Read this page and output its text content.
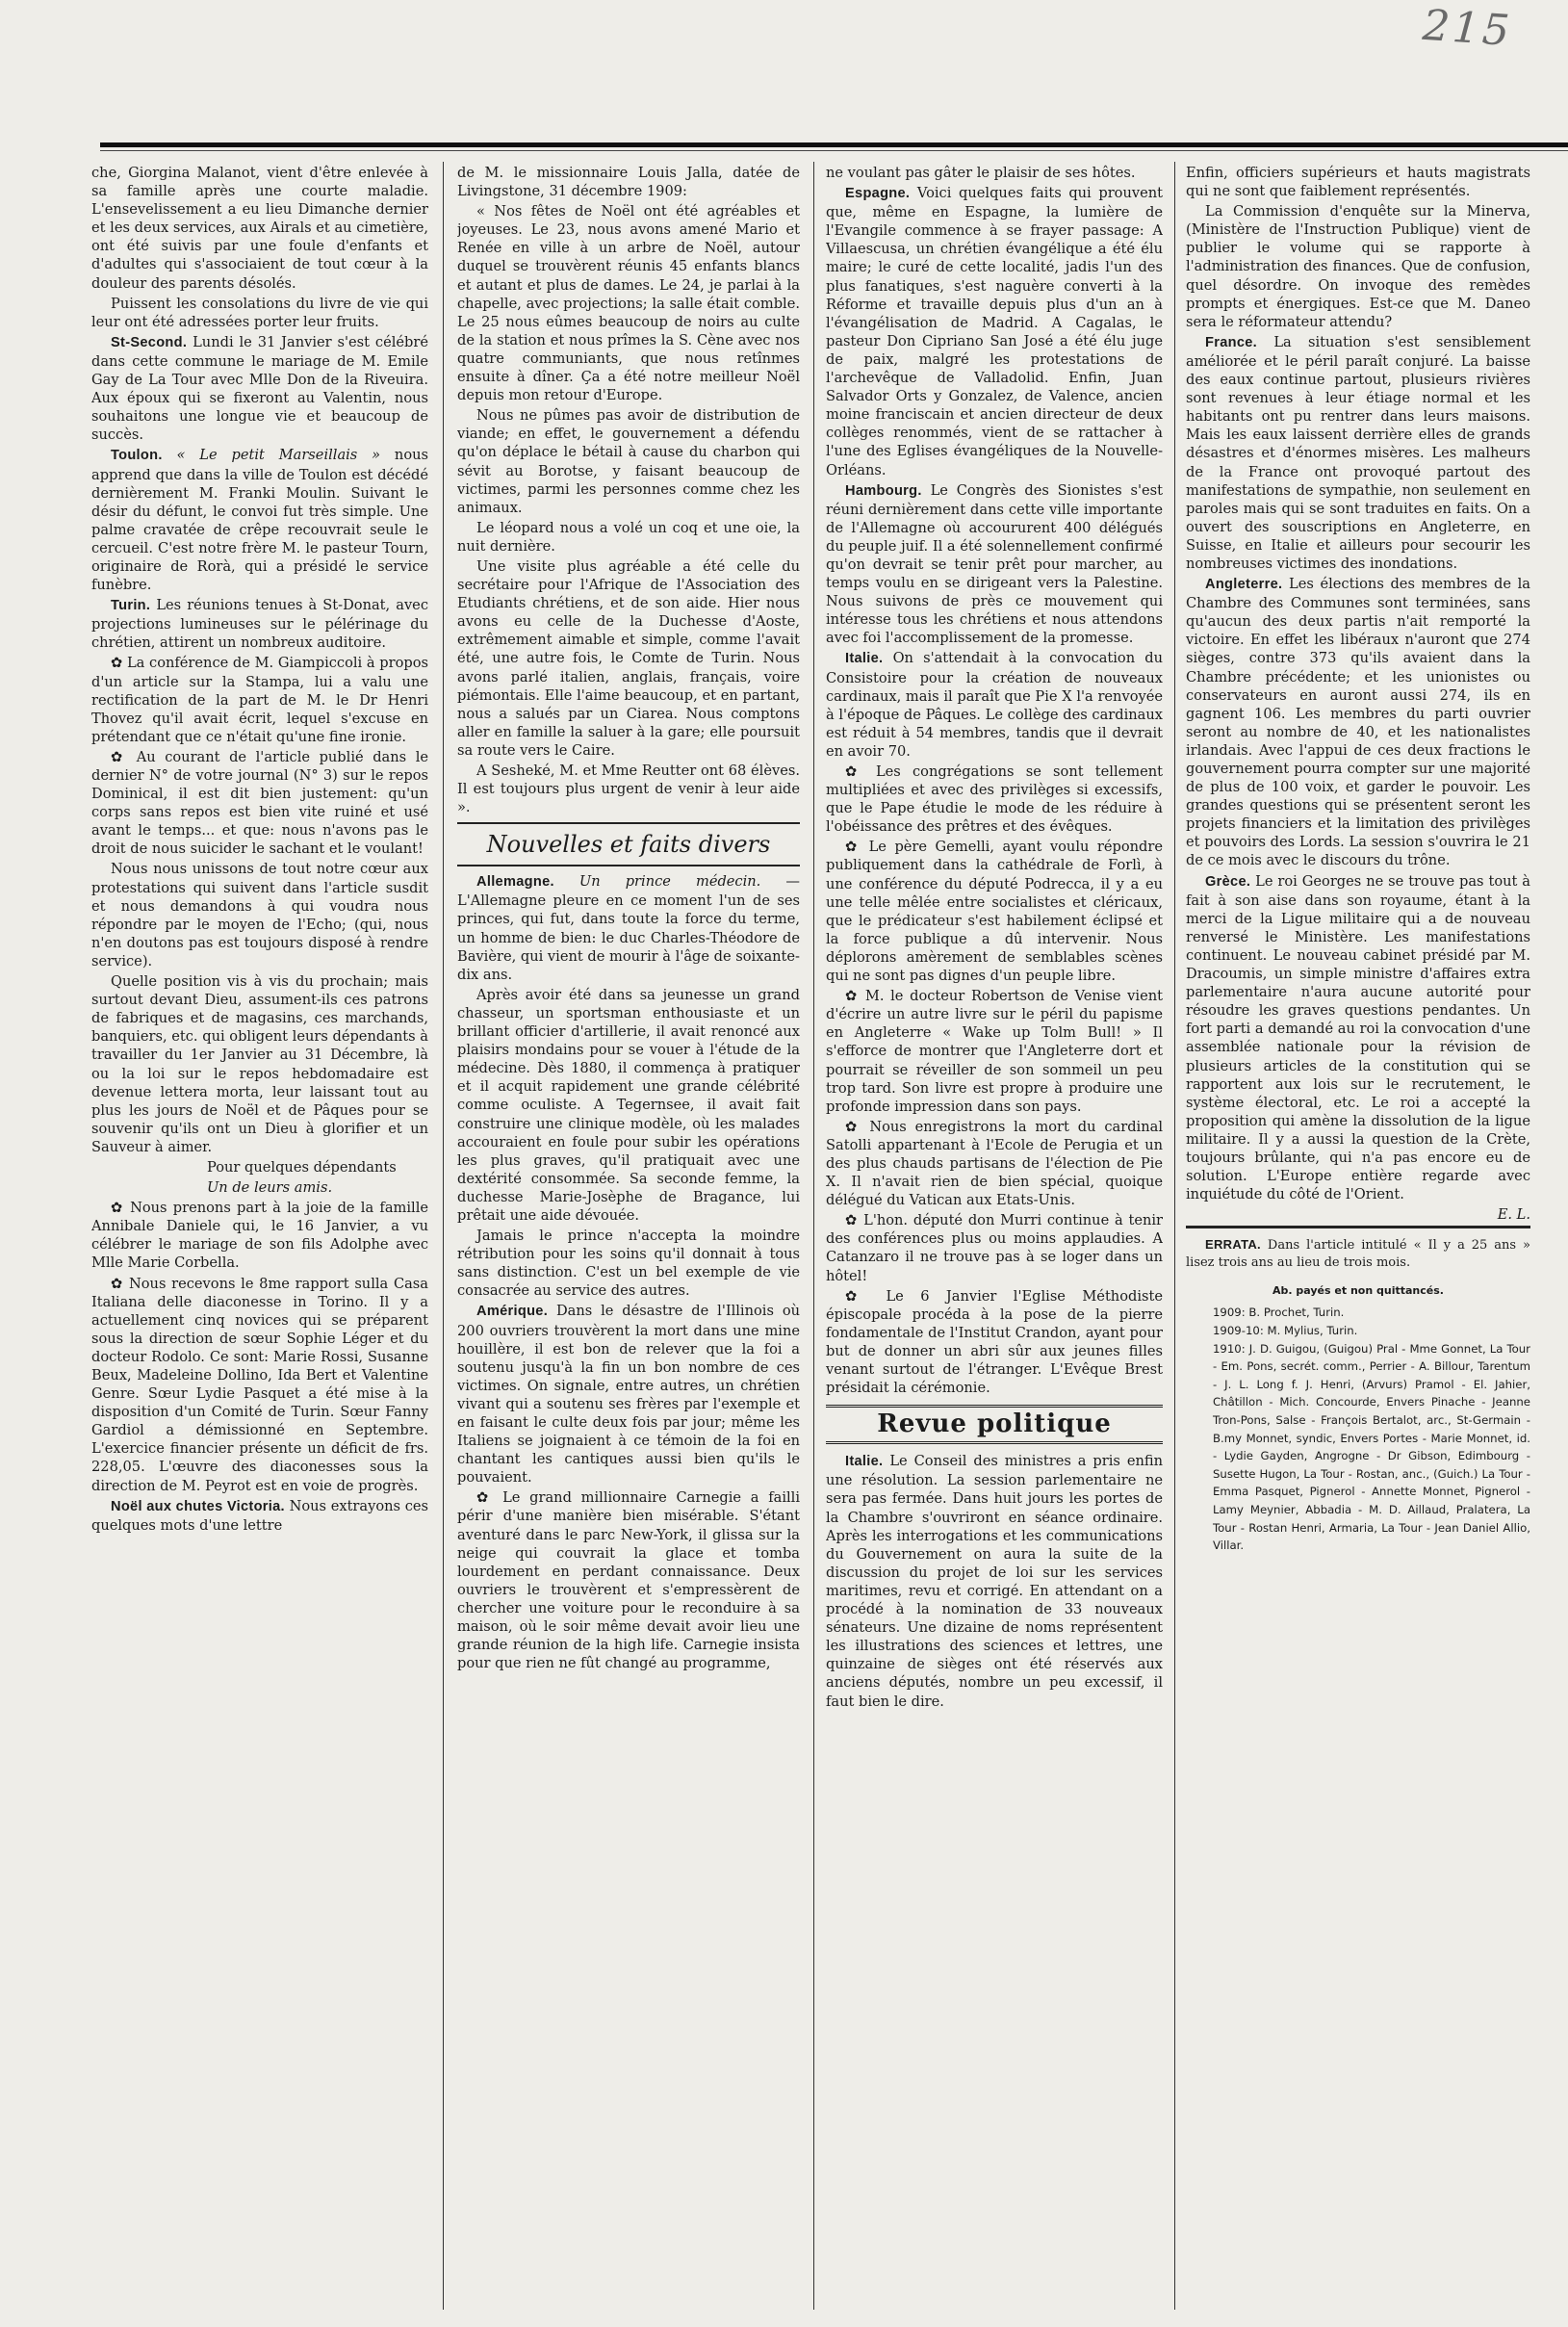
215

che, Giorgina Malanot, vient d'être enlevée à sa famille après une courte maladie. L'ensevelissement a eu lieu Dimanche dernier et les deux services, aux Airals et au cimetière, ont été suivis par une foule d'enfants et d'adultes qui s'associaient de tout cœur à la douleur des parents désolés.

Puissent les consolations du livre de vie qui leur ont été adressées porter leur fruits.

St-Second. Lundi le 31 Janvier s'est célébré dans cette commune le mariage de M. Emile Gay de La Tour avec Mlle Don de la Riveuira. Aux époux qui se fixeront au Valentin, nous souhaitons une longue vie et beaucoup de succès.

Toulon. « Le petit Marseillais » nous apprend que dans la ville de Toulon est décédé dernièrement M. Franki Moulin. Suivant le désir du défunt, le convoi fut très simple. Une palme cravatée de crêpe recouvrait seule le cercueil. C'est notre frère M. le pasteur Tourn, originaire de Rorà, qui a présidé le service funèbre.

Turin. Les réunions tenues à St-Donat, avec projections lumineuses sur le pélérinage du chrétien, attirent un nombreux auditoire.

✿ La conférence de M. Giampiccoli à propos d'un article sur la Stampa, lui a valu une rectification de la part de M. le Dr Henri Thovez qu'il avait écrit, lequel s'excuse en prétendant que ce n'était qu'une fine ironie.

✿ Au courant de l'article publié dans le dernier N° de votre journal (N° 3) sur le repos Dominical, il est dit bien justement: qu'un corps sans repos est bien vite ruiné et usé avant le temps... et que: nous n'avons pas le droit de nous suicider le sachant et le voulant!

Nous nous unissons de tout notre cœur aux protestations qui suivent dans l'article susdit et nous demandons à qui voudra nous répondre par le moyen de l'Echo; (qui, nous n'en doutons pas est toujours disposé à rendre service).

Quelle position vis à vis du prochain; mais surtout devant Dieu, assument-ils ces patrons de fabriques et de magasins, ces marchands, banquiers, etc. qui obligent leurs dépendants à travailler du 1er Janvier au 31 Décembre, là ou la loi sur le repos hebdomadaire est devenue lettera morta, leur laissant tout au plus les jours de Noël et de Pâques pour se souvenir qu'ils ont un Dieu à glorifier et un Sauveur à aimer.

Pour quelques dépendants

Un de leurs amis.

✿ Nous prenons part à la joie de la famille Annibale Daniele qui, le 16 Janvier, a vu célébrer le mariage de son fils Adolphe avec Mlle Marie Corbella.

✿ Nous recevons le 8me rapport sulla Casa Italiana delle diaconesse in Torino. Il y a actuellement cinq novices qui se préparent sous la direction de sœur Sophie Léger et du docteur Rodolo. Ce sont: Marie Rossi, Susanne Beux, Madeleine Dollino, Ida Bert et Valentine Genre. Sœur Lydie Pasquet a été mise à la disposition d'un Comité de Turin. Sœur Fanny Gardiol a démissionné en Septembre. L'exercice financier présente un déficit de frs. 228,05. L'œuvre des diaconesses sous la direction de M. Peyrot est en voie de progrès.

Noël aux chutes Victoria. Nous extrayons ces quelques mots d'une lettre

de M. le missionnaire Louis Jalla, datée de Livingstone, 31 décembre 1909:

« Nos fêtes de Noël ont été agréables et joyeuses. Le 23, nous avons amené Mario et Renée en ville à un arbre de Noël, autour duquel se trouvèrent réunis 45 enfants blancs et autant et plus de dames. Le 24, je parlai à la chapelle, avec projections; la salle était comble. Le 25 nous eûmes beaucoup de noirs au culte de la station et nous prîmes la S. Cène avec nos quatre communiants, que nous retînmes ensuite à dîner. Ça a été notre meilleur Noël depuis mon retour d'Europe.

Nous ne pûmes pas avoir de distribution de viande; en effet, le gouvernement a défendu qu'on déplace le bétail à cause du charbon qui sévit au Borotse, y faisant beaucoup de victimes, parmi les personnes comme chez les animaux.

Le léopard nous a volé un coq et une oie, la nuit dernière.

Une visite plus agréable a été celle du secrétaire pour l'Afrique de l'Association des Etudiants chrétiens, et de son aide. Hier nous avons eu celle de la Duchesse d'Aoste, extrêmement aimable et simple, comme l'avait été, une autre fois, le Comte de Turin. Nous avons parlé italien, anglais, français, voire piémontais. Elle l'aime beaucoup, et en partant, nous a salués par un Ciarea. Nous comptons aller en famille la saluer à la gare; elle poursuit sa route vers le Caire.

A Sesheké, M. et Mme Reutter ont 68 élèves. Il est toujours plus urgent de venir à leur aide ».

Nouvelles et faits divers

Allemagne. Un prince médecin. — L'Allemagne pleure en ce moment l'un de ses princes, qui fut, dans toute la force du terme, un homme de bien: le duc Charles-Théodore de Bavière, qui vient de mourir à l'âge de soixante-dix ans.

Après avoir été dans sa jeunesse un grand chasseur, un sportsman enthousiaste et un brillant officier d'artillerie, il avait renoncé aux plaisirs mondains pour se vouer à l'étude de la médecine. Dès 1880, il commença à pratiquer et il acquit rapidement une grande célébrité comme oculiste. A Tegernsee, il avait fait construire une clinique modèle, où les malades accouraient en foule pour subir les opérations les plus graves, qu'il pratiquait avec une dextérité consommée. Sa seconde femme, la duchesse Marie-Josèphe de Bragance, lui prêtait une aide dévouée.

Jamais le prince n'accepta la moindre rétribution pour les soins qu'il donnait à tous sans distinction. C'est un bel exemple de vie consacrée au service des autres.

Amérique. Dans le désastre de l'Illinois où 200 ouvriers trouvèrent la mort dans une mine houillère, il est bon de relever que la foi a soutenu jusqu'à la fin un bon nombre de ces victimes. On signale, entre autres, un chrétien vivant qui a soutenu ses frères par l'exemple et en faisant le culte deux fois par jour; même les Italiens se joignaient à ce témoin de la foi en chantant les cantiques aussi bien qu'ils le pouvaient.

✿ Le grand millionnaire Carnegie a failli périr d'une manière bien misérable. S'étant aventuré dans le parc New-York, il glissa sur la neige qui couvrait la glace et tomba lourdement en perdant connaissance. Deux ouvriers le trouvèrent et s'empressèrent de chercher une voiture pour le reconduire à sa maison, où le soir même devait avoir lieu une grande réunion de la high life. Carnegie insista pour que rien ne fût changé au programme,

ne voulant pas gâter le plaisir de ses hôtes.

Espagne. Voici quelques faits qui prouvent que, même en Espagne, la lumière de l'Evangile commence à se frayer passage: A Villaescusa, un chrétien évangélique a été élu maire; le curé de cette localité, jadis l'un des plus fanatiques, s'est naguère converti à la Réforme et travaille depuis plus d'un an à l'évangélisation de Madrid. A Cagalas, le pasteur Don Cipriano San José a été élu juge de paix, malgré les protestations de l'archevêque de Valladolid. Enfin, Juan Salvador Orts y Gonzalez, de Valence, ancien moine franciscain et ancien directeur de deux collèges renommés, vient de se rattacher à l'une des Eglises évangéliques de la Nouvelle-Orléans.

Hambourg. Le Congrès des Sionistes s'est réuni dernièrement dans cette ville importante de l'Allemagne où accoururent 400 délégués du peuple juif. Il a été solennellement confirmé qu'on devrait se tenir prêt pour marcher, au temps voulu en se dirigeant vers la Palestine. Nous suivons de près ce mouvement qui intéresse tous les chrétiens et nous attendons avec foi l'accomplissement de la promesse.

Italie. On s'attendait à la convocation du Consistoire pour la création de nouveaux cardinaux, mais il paraît que Pie X l'a renvoyée à l'époque de Pâques. Le collège des cardinaux est réduit à 54 membres, tandis que il devrait en avoir 70.

✿ Les congrégations se sont tellement multipliées et avec des privilèges si excessifs, que le Pape étudie le mode de les réduire à l'obéissance des prêtres et des évêques.

✿ Le père Gemelli, ayant voulu répondre publiquement dans la cathédrale de Forlì, à une conférence du député Podrecca, il y a eu une telle mêlée entre socialistes et cléricaux, que le prédicateur s'est habilement éclipsé et la force publique a dû intervenir. Nous déplorons amèrement de semblables scènes qui ne sont pas dignes d'un peuple libre.

✿ M. le docteur Robertson de Venise vient d'écrire un autre livre sur le péril du papisme en Angleterre « Wake up Tolm Bull! » Il s'efforce de montrer que l'Angleterre dort et pourrait se réveiller de son sommeil un peu trop tard. Son livre est propre à produire une profonde impression dans son pays.

✿ Nous enregistrons la mort du cardinal Satolli appartenant à l'Ecole de Perugia et un des plus chauds partisans de l'élection de Pie X. Il n'avait rien de bien spécial, quoique délégué du Vatican aux Etats-Unis.

✿ L'hon. député don Murri continue à tenir des conférences plus ou moins applaudies. A Catanzaro il ne trouve pas à se loger dans un hôtel!

✿ Le 6 Janvier l'Eglise Méthodiste épiscopale procéda à la pose de la pierre fondamentale de l'Institut Crandon, ayant pour but de donner un abri sûr aux jeunes filles venant surtout de l'étranger. L'Evêque Brest présidait la cérémonie.

Revue politique

Italie. Le Conseil des ministres a pris enfin une résolution. La session parlementaire ne sera pas fermée. Dans huit jours les portes de la Chambre s'ouvriront en séance ordinaire. Après les interrogations et les communications du Gouvernement on aura la suite de la discussion du projet de loi sur les services maritimes, revu et corrigé. En attendant on a procédé à la nomination de 33 nouveaux sénateurs. Une dizaine de noms représentent les illustrations des sciences et lettres, une quinzaine de sièges ont été réservés aux anciens députés, nombre un peu excessif, il faut bien le dire.

Enfin, officiers supérieurs et hauts magistrats qui ne sont que faiblement représentés.

La Commission d'enquête sur la Minerva, (Ministère de l'Instruction Publique) vient de publier le volume qui se rapporte à l'administration des finances. Que de confusion, quel désordre. On invoque des remèdes prompts et énergiques. Est-ce que M. Daneo sera le réformateur attendu?

France. La situation s'est sensiblement améliorée et le péril paraît conjuré. La baisse des eaux continue partout, plusieurs rivières sont revenues à leur étiage normal et les habitants ont pu rentrer dans leurs maisons. Mais les eaux laissent derrière elles de grands désastres et d'énormes misères. Les malheurs de la France ont provoqué partout des manifestations de sympathie, non seulement en paroles mais qui se sont traduites en faits. On a ouvert des souscriptions en Angleterre, en Suisse, en Italie et ailleurs pour secourir les nombreuses victimes des inondations.

Angleterre. Les élections des membres de la Chambre des Communes sont terminées, sans qu'aucun des deux partis n'ait remporté la victoire. En effet les libéraux n'auront que 274 sièges, contre 373 qu'ils avaient dans la Chambre précédente; et les unionistes ou conservateurs en auront aussi 274, ils en gagnent 106. Les membres du parti ouvrier seront au nombre de 40, et les nationalistes irlandais. Avec l'appui de ces deux fractions le gouvernement pourra compter sur une majorité de plus de 100 voix, et garder le pouvoir. Les grandes questions qui se présentent seront les projets financiers et la limitation des privilèges et pouvoirs des Lords. La session s'ouvrira le 21 de ce mois avec le discours du trône.

Grèce. Le roi Georges ne se trouve pas tout à fait à son aise dans son royaume, étant à la merci de la Ligue militaire qui a de nouveau renversé le Ministère. Les manifestations continuent. Le nouveau cabinet présidé par M. Dracoumis, un simple ministre d'affaires extra parlementaire n'aura aucune autorité pour résoudre les graves questions pendantes. Un fort parti a demandé au roi la convocation d'une assemblée nationale pour la révision de plusieurs articles de la constitution qui se rapportent aux lois sur le recrutement, le système électoral, etc. Le roi a accepté la proposition qui amène la dissolution de la ligue militaire. Il y a aussi la question de la Crète, toujours brûlante, qui n'a pas encore eu de solution. L'Europe entière regarde avec inquiétude du côté de l'Orient.

E. L.

ERRATA. Dans l'article intitulé « Il y a 25 ans » lisez trois ans au lieu de trois mois.

Ab. payés et non quittancés.
1909: B. Prochet, Turin.
1909-10: M. Mylius, Turin.
1910: J. D. Guigou, (Guigou) Pral - Mme Gonnet, La Tour - Em. Pons, secrét. comm., Perrier - A. Billour, Tarentum - J. L. Long f. J. Henri, (Arvurs) Pramol - El. Jahier, Châtillon - Mich. Concourde, Envers Pinache - Jeanne Tron-Pons, Salse - François Bertalot, arc., St-Germain - B.my Monnet, syndic, Envers Portes - Marie Monnet, id. - Lydie Gayden, Angrogne - Dr Gibson, Edimbourg - Susette Hugon, La Tour - Rostan, anc., (Guich.) La Tour - Emma Pasquet, Pignerol - Annette Monnet, Pignerol - Lamy Meynier, Abbadia - M. D. Aillaud, Pralatera, La Tour - Rostan Henri, Armaria, La Tour - Jean Daniel Allio, Villar.
